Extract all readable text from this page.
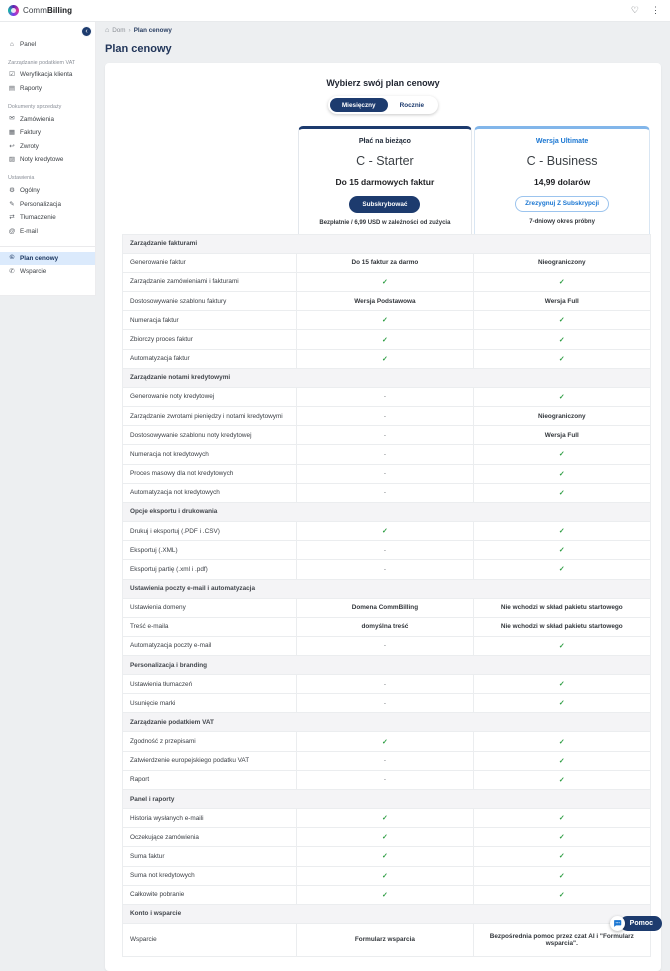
CommBilling	♡ ⋮
⌂ Panel
Zarządzanie podatkiem VAT
☑ Weryfikacja klienta
▤ Raporty
Dokumenty sprzedaży
✉ Zamówienia
▦ Faktury
↩ Zwroty
▨ Noty kredytowe
Ustawienia
⚙ Ogólny
✎ Personalizacja
⇄ Tłumaczenie
@ E-mail
© Plan cenowy
✆ Wsparcie
‹	⌂ Dom › Plan cenowy
Plan cenowy
Wybierz swój plan cenowy
Miesięczny	Rocznie
Płać na bieżąco
C - Starter
Do 15 darmowych faktur
Subskrybować
Bezpłatnie / 6,99 USD w zależności od zużycia
Wersja Ultimate
C - Business
14,99 dolarów
Zrezygnuj Z Subskrypcji
7-dniowy okres próbny
Zarządzanie fakturami		
Generowanie faktur	Do 15 faktur za darmo	Nieograniczony
Zarządzanie zamówieniami i fakturami	✓	✓
Dostosowywanie szablonu faktury	Wersja Podstawowa	Wersja Full
Numeracja faktur	✓	✓
Zbiorczy proces faktur	✓	✓
Automatyzacja faktur	✓	✓
Zarządzanie notami kredytowymi		
Generowanie noty kredytowej	-	✓
Zarządzanie zwrotami pieniędzy i notami kredytowymi	-	Nieograniczony
Dostosowywanie szablonu noty kredytowej	-	Wersja Full
Numeracja not kredytowych	-	✓
Proces masowy dla not kredytowych	-	✓
Automatyzacja not kredytowych	-	✓
Opcje eksportu i drukowania		
Drukuj i eksportuj (.PDF i .CSV)	✓	✓
Eksportuj (.XML)	-	✓
Eksportuj partię (.xml i .pdf)	-	✓
Ustawienia poczty e-mail i automatyzacja		
Ustawienia domeny	Domena CommBilling	Nie wchodzi w skład pakietu startowego
Treść e-maila	domyślna treść	Nie wchodzi w skład pakietu startowego
Automatyzacja poczty e-mail	-	✓
Personalizacja i branding		
Ustawienia tłumaczeń	-	✓
Usunięcie marki	-	✓
Zarządzanie podatkiem VAT		
Zgodność z przepisami	✓	✓
Zatwierdzenie europejskiego podatku VAT	-	✓
Raport	-	✓
Panel i raporty		
Historia wysłanych e-maili	✓	✓
Oczekujące zamówienia	✓	✓
Suma faktur	✓	✓
Suma not kredytowych	✓	✓
Całkowite pobranie	✓	✓
Konto i wsparcie		
Wsparcie	Formularz wsparcia	Bezpośrednia pomoc przez czat AI i "Formularz wsparcia".
Pomoc
